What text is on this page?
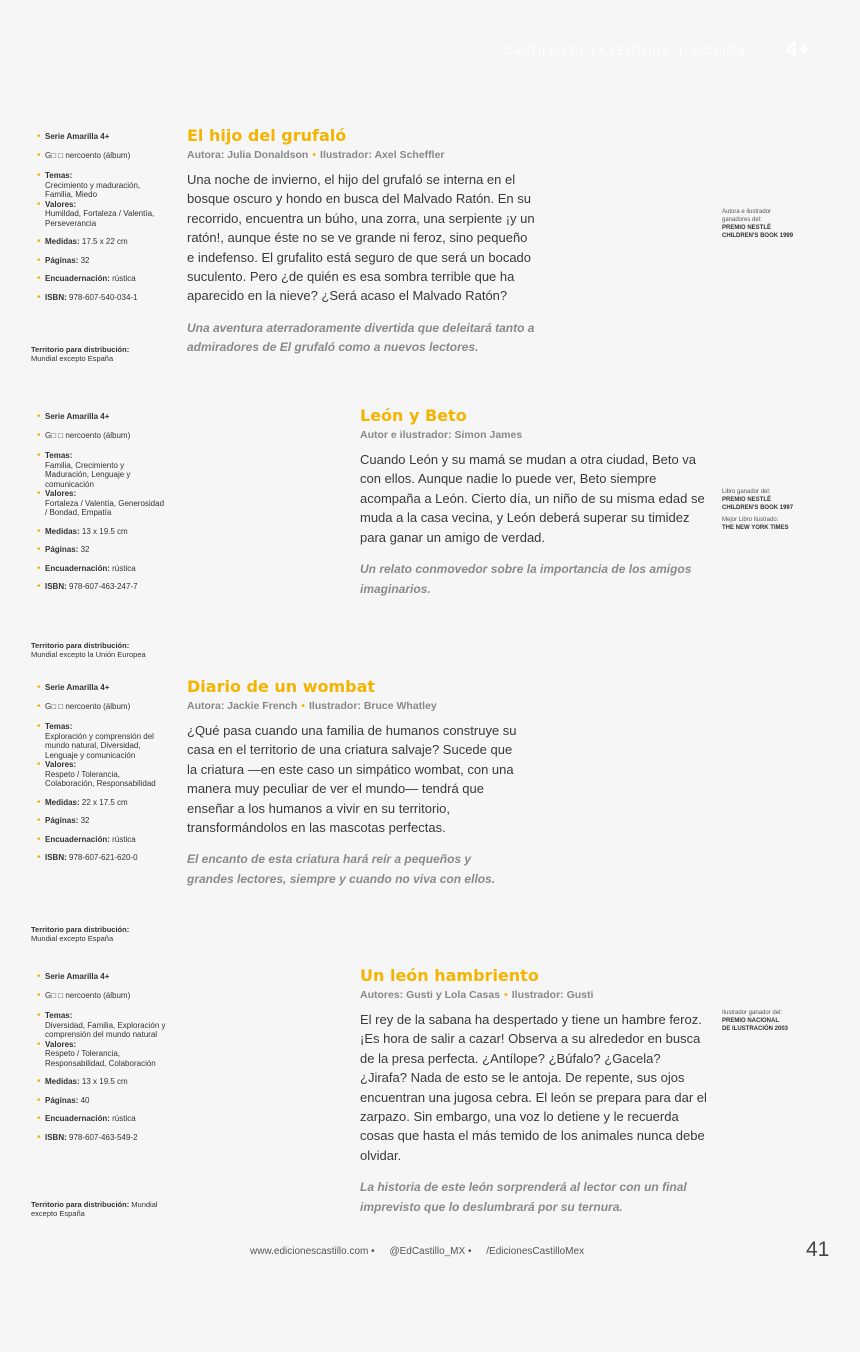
CASTILLO DE LA LECTURA | FICCIÓN 4+
• Serie Amarilla 4+
• G□ □ nercoento (álbum)
• Temas:
Crecimiento y maduración, Familia, Miedo
• Valores:
Humildad, Fortaleza / Valentía, Perseverancia
• Medidas: 17.5 x 22 cm
• Páginas: 32
• Encuadernación: rústica
• ISBN: 978-607-540-034-1
Territorio para distribución:
Mundial excepto España
El hijo del grufaló
Autora: Julia Donaldson • Ilustrador: Axel Scheffler

Una noche de invierno, el hijo del grufaló se interna en el bosque oscuro y hondo en busca del Malvado Ratón. En su recorrido, encuentra un búho, una zorra, una serpiente ¡y un ratón!, aunque éste no se ve grande ni feroz, sino pequeño e indefenso. El grufalito está seguro de que será un bocado suculento. Pero ¿de quién es esa sombra terrible que ha aparecido en la nieve? ¿Será acaso el Malvado Ratón?

Una aventura aterradoramente divertida que deleitará tanto a admiradores de El grufaló como a nuevos lectores.

Autora e ilustrador
ganadores del:
PREMIO NESTLÉ
CHILDREN'S BOOK 1999
• Serie Amarilla 4+
• G□ □ nercoento (álbum)
• Temas:
Familia, Crecimiento y Maduración, Lenguaje y comunicación
• Valores:
Fortaleza / Valentía, Generosidad / Bondad, Empatía
• Medidas: 13 x 19.5 cm
• Páginas: 32
• Encuadernación: rústica
• ISBN: 978-607-463-247-7
Territorio para distribución:
Mundial excepto la Unión Europea
León y Beto
Autor e ilustrador: Simon James

Cuando León y su mamá se mudan a otra ciudad, Beto va con ellos. Aunque nadie lo puede ver, Beto siempre acompaña a León. Cierto día, un niño de su misma edad se muda a la casa vecina, y León deberá superar su timidez para ganar un amigo de verdad.

Un relato conmovedor sobre la importancia de los amigos imaginarios.

Libro ganador del:
PREMIO NESTLÉ
CHILDREN'S BOOK 1997
Mejor Libro Ilustrado:
THE NEW YORK TIMES
• Serie Amarilla 4+
• G□ □ nercoento (álbum)
• Temas:
Exploración y comprensión del mundo natural, Diversidad, Lenguaje y comunicación
• Valores:
Respeto / Tolerancia, Colaboración, Responsabilidad
• Medidas: 22 x 17.5 cm
• Páginas: 32
• Encuadernación: rústica
• ISBN: 978-607-621-620-0
Territorio para distribución:
Mundial excepto España
Diario de un wombat
Autora: Jackie French • Ilustrador: Bruce Whatley

¿Qué pasa cuando una familia de humanos construye su casa en el territorio de una criatura salvaje? Sucede que la criatura —en este caso un simpático wombat, con una manera muy peculiar de ver el mundo— tendrá que enseñar a los humanos a vivir en su territorio, transformándolos en las mascotas perfectas.

El encanto de esta criatura hará reír a pequeños y grandes lectores, siempre y cuando no viva con ellos.

• Serie Amarilla 4+
• G□ □ nercoento (álbum)
• Temas:
Diversidad, Familia, Exploración y comprensión del mundo natural
• Valores:
Respeto / Tolerancia, Responsabilidad, Colaboración
• Medidas: 13 x 19.5 cm
• Páginas: 40
• Encuadernación: rústica
• ISBN: 978-607-463-549-2
Territorio para distribución: Mundial excepto España
Un león hambriento
Autores: Gusti y Lola Casas • Ilustrador: Gusti

El rey de la sabana ha despertado y tiene un hambre feroz. ¡Es hora de salir a cazar! Observa a su alrededor en busca de la presa perfecta. ¿Antílope? ¿Búfalo? ¿Gacela? ¿Jirafa? Nada de esto se le antoja. De repente, sus ojos encuentran una jugosa cebra. El león se prepara para dar el zarpazo. Sin embargo, una voz lo detiene y le recuerda cosas que hasta el más temido de los animales nunca debe olvidar.

La historia de este león sorprenderá al lector con un final imprevisto que lo deslumbrará por su ternura.

Ilustrador ganador del:
PREMIO NACIONAL
DE ILUSTRACIÓN 2003
www.edicionescastillo.com • @EdCastillo_MX • /EdicionesCastilloMex	41
